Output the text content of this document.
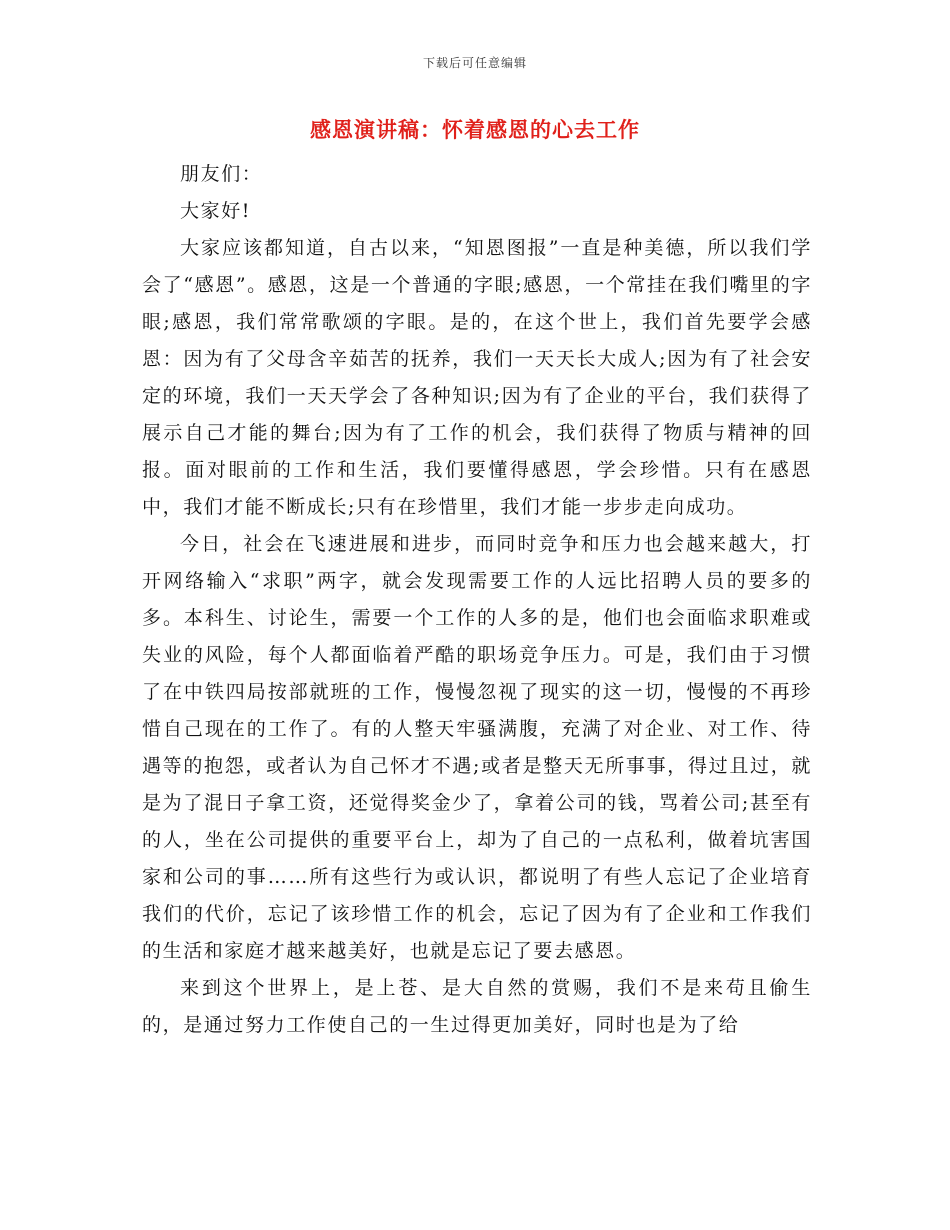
下载后可任意编辑
感恩演讲稿：怀着感恩的心去工作

朋友们：

大家好!

大家应该都知道，自古以来，“知恩图报”一直是种美德，所以我们学会了“感恩”。感恩，这是一个普通的字眼;感恩，一个常挂在我们嘴里的字眼;感恩，我们常常歌颂的字眼。是的，在这个世上，我们首先要学会感恩：因为有了父母含辛茹苦的抚养，我们一天天长大成人;因为有了社会安定的环境，我们一天天学会了各种知识;因为有了企业的平台，我们获得了展示自己才能的舞台;因为有了工作的机会，我们获得了物质与精神的回报。面对眼前的工作和生活，我们要懂得感恩，学会珍惜。只有在感恩中，我们才能不断成长;只有在珍惜里，我们才能一步步走向成功。

今日，社会在飞速进展和进步，而同时竞争和压力也会越来越大，打开网络输入“求职”两字，就会发现需要工作的人远比招聘人员的要多的多。本科生、讨论生，需要一个工作的人多的是，他们也会面临求职难或失业的风险，每个人都面临着严酷的职场竞争压力。可是，我们由于习惯了在中铁四局按部就班的工作，慢慢忽视了现实的这一切，慢慢的不再珍惜自己现在的工作了。有的人整天牢骚满腹，充满了对企业、对工作、待遇等的抱怨，或者认为自己怀才不遇;或者是整天无所事事，得过且过，就是为了混日子拿工资，还觉得奖金少了，拿着公司的钱，骂着公司;甚至有的人，坐在公司提供的重要平台上，却为了自己的一点私利，做着坑害国家和公司的事……所有这些行为或认识，都说明了有些人忘记了企业培育我们的代价，忘记了该珍惜工作的机会，忘记了因为有了企业和工作我们的生活和家庭才越来越美好，也就是忘记了要去感恩。

来到这个世界上，是上苍、是大自然的赏赐，我们不是来苟且偷生的，是通过努力工作使自己的一生过得更加美好，同时也是为了给
